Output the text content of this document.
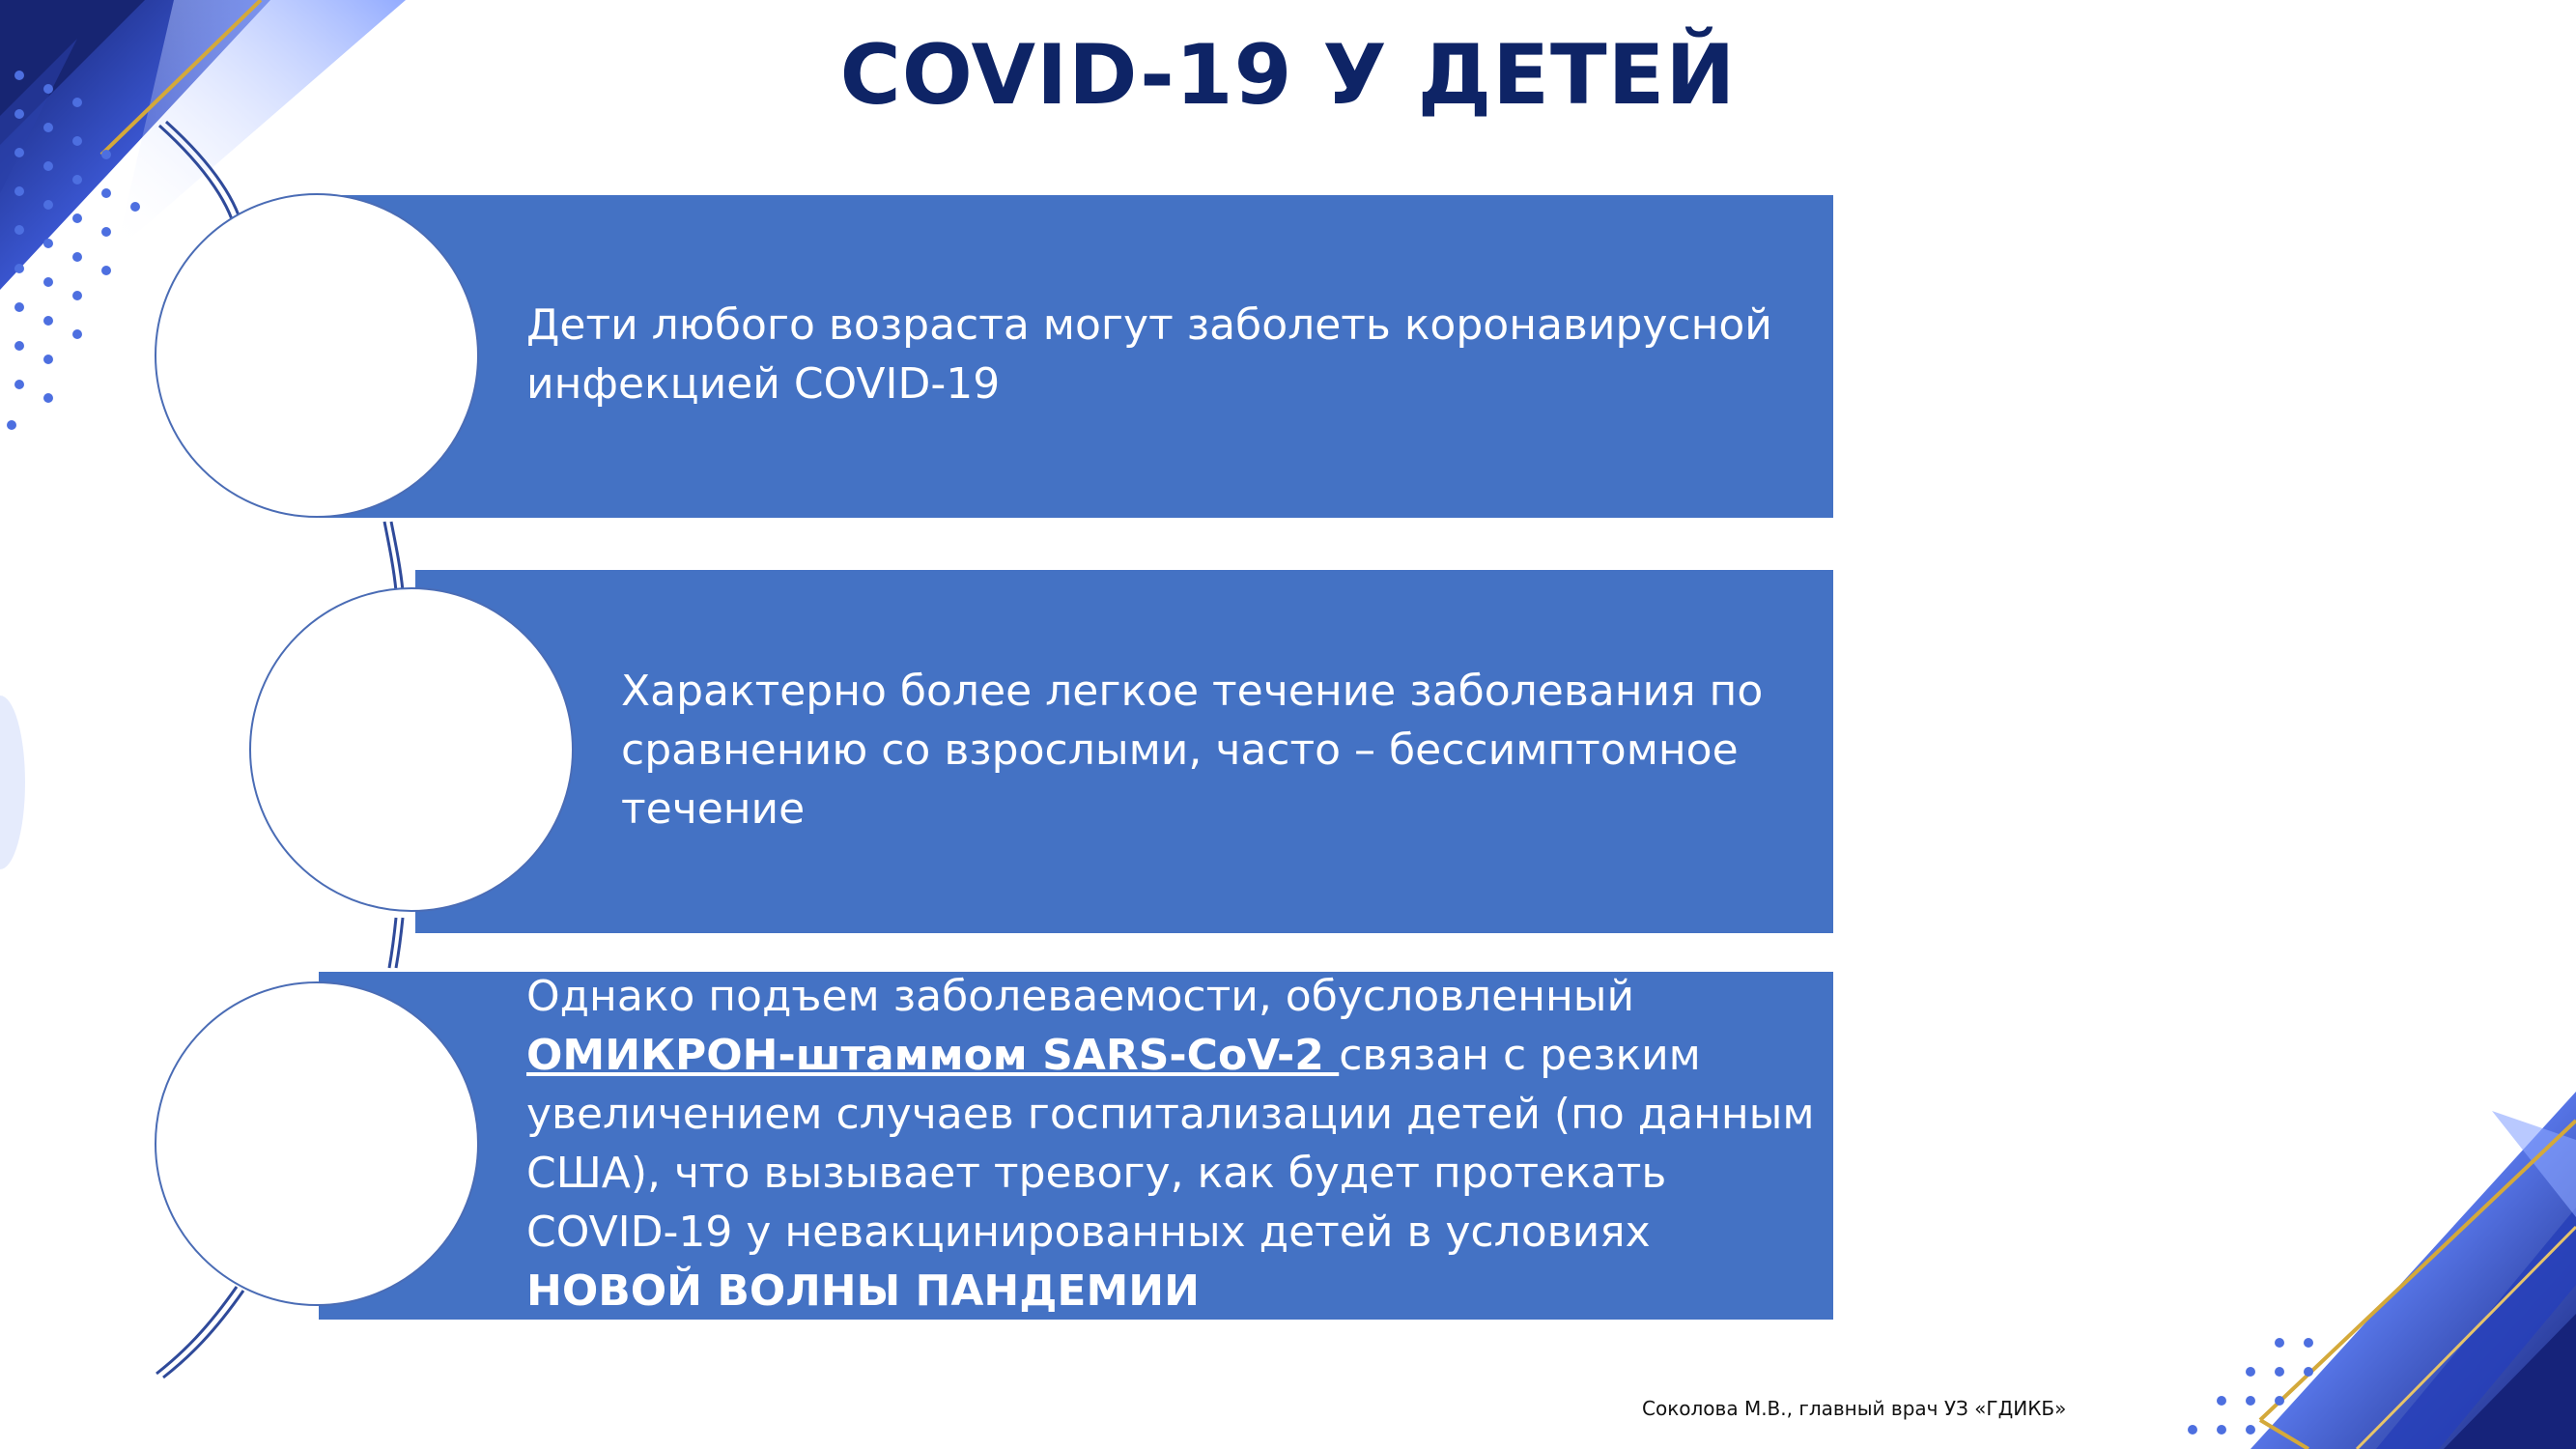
COVID-19 У ДЕТЕЙ
Дети любого возраста могут заболеть коронавирусной инфекцией COVID-19
Характерно более легкое течение заболевания по сравнению со взрослыми, часто – бессимптомное течение
Однако подъем заболеваемости, обусловленный ОМИКРОН-штаммом SARS-CoV-2 связан с резким увеличением случаев госпитализации детей (по данным США), что вызывает тревогу, как будет протекать COVID-19 у невакцинированных детей в условиях НОВОЙ ВОЛНЫ ПАНДЕМИИ
Соколова М.В., главный врач УЗ «ГДИКБ»
